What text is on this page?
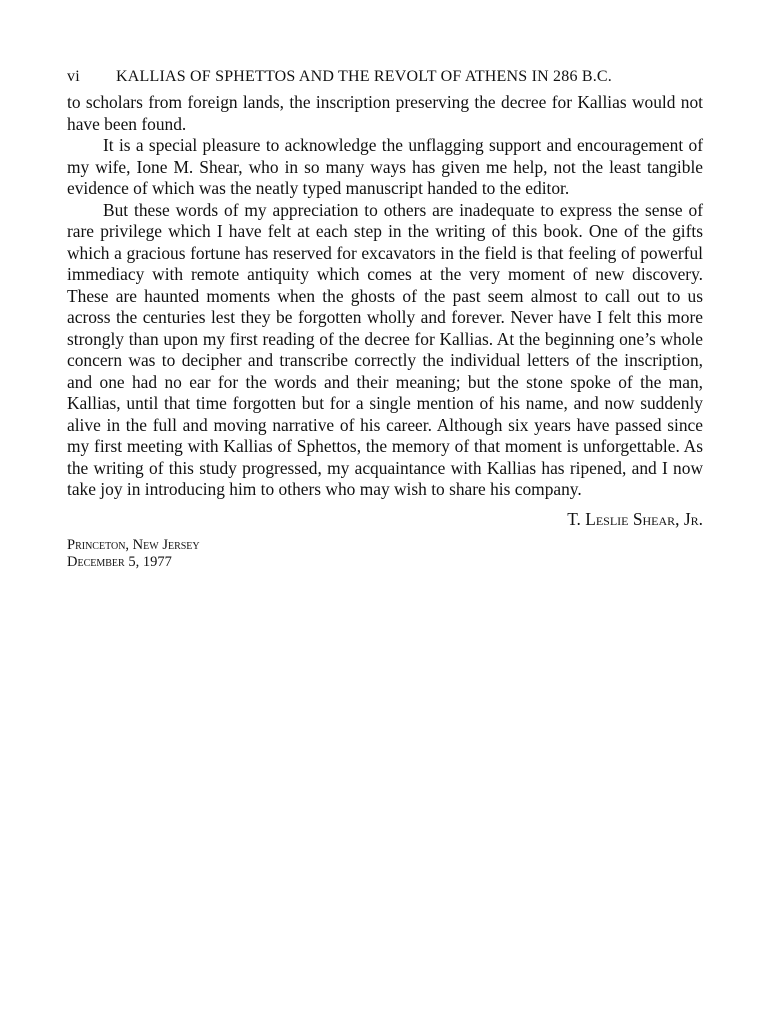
vi KALLIAS OF SPHETTOS AND THE REVOLT OF ATHENS IN 286 B.C.

to scholars from foreign lands, the inscription preserving the decree for Kallias would not have been found.

It is a special pleasure to acknowledge the unflagging support and encouragement of my wife, Ione M. Shear, who in so many ways has given me help, not the least tangible evidence of which was the neatly typed manuscript handed to the editor.

But these words of my appreciation to others are inadequate to express the sense of rare privilege which I have felt at each step in the writing of this book. One of the gifts which a gracious fortune has reserved for excavators in the field is that feeling of powerful immediacy with remote antiquity which comes at the very moment of new discovery. These are haunted moments when the ghosts of the past seem almost to call out to us across the centuries lest they be forgotten wholly and forever. Never have I felt this more strongly than upon my first reading of the decree for Kallias. At the beginning one’s whole concern was to decipher and transcribe correctly the individual letters of the inscription, and one had no ear for the words and their meaning; but the stone spoke of the man, Kallias, until that time forgotten but for a single mention of his name, and now suddenly alive in the full and moving narrative of his career. Although six years have passed since my first meeting with Kallias of Sphettos, the memory of that moment is unforgettable. As the writing of this study progressed, my acquaintance with Kallias has ripened, and I now take joy in introducing him to others who may wish to share his company.

T. Leslie Shear, Jr.
Princeton, New Jersey
December 5, 1977
